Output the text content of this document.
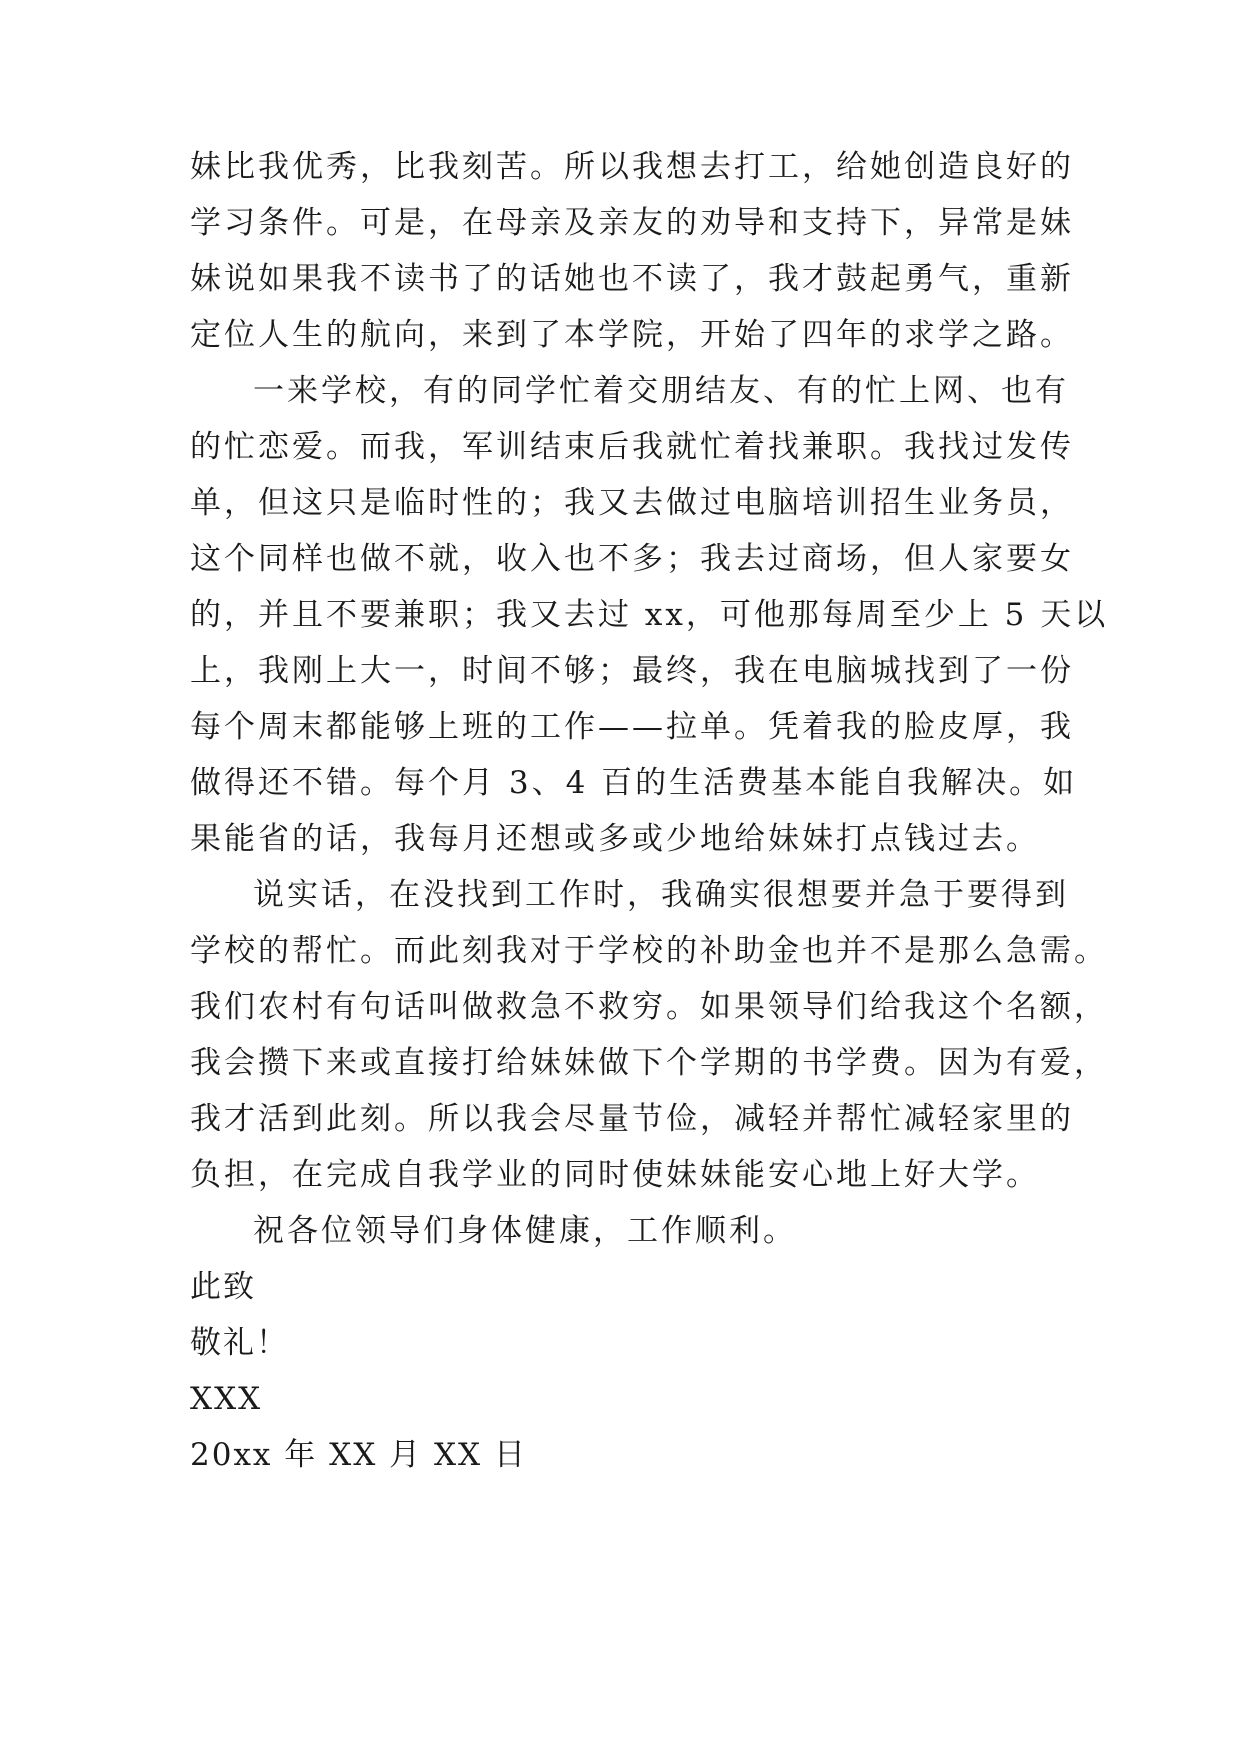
妹比我优秀，比我刻苦。所以我想去打工，给她创造良好的
学习条件。可是，在母亲及亲友的劝导和支持下，异常是妹
妹说如果我不读书了的话她也不读了，我才鼓起勇气，重新
定位人生的航向，来到了本学院，开始了四年的求学之路。
一来学校，有的同学忙着交朋结友、有的忙上网、也有
的忙恋爱。而我，军训结束后我就忙着找兼职。我找过发传
单，但这只是临时性的；我又去做过电脑培训招生业务员，
这个同样也做不就，收入也不多；我去过商场，但人家要女
的，并且不要兼职；我又去过 xx，可他那每周至少上 5 天以
上，我刚上大一，时间不够；最终，我在电脑城找到了一份
每个周末都能够上班的工作——拉单。凭着我的脸皮厚，我
做得还不错。每个月 3、4 百的生活费基本能自我解决。如
果能省的话，我每月还想或多或少地给妹妹打点钱过去。
说实话，在没找到工作时，我确实很想要并急于要得到
学校的帮忙。而此刻我对于学校的补助金也并不是那么急需。
我们农村有句话叫做救急不救穷。如果领导们给我这个名额，
我会攒下来或直接打给妹妹做下个学期的书学费。因为有爱，
我才活到此刻。所以我会尽量节俭，减轻并帮忙减轻家里的
负担，在完成自我学业的同时使妹妹能安心地上好大学。
祝各位领导们身体健康，工作顺利。
此致
敬礼！
XXX
20xx 年 XX 月 XX 日
